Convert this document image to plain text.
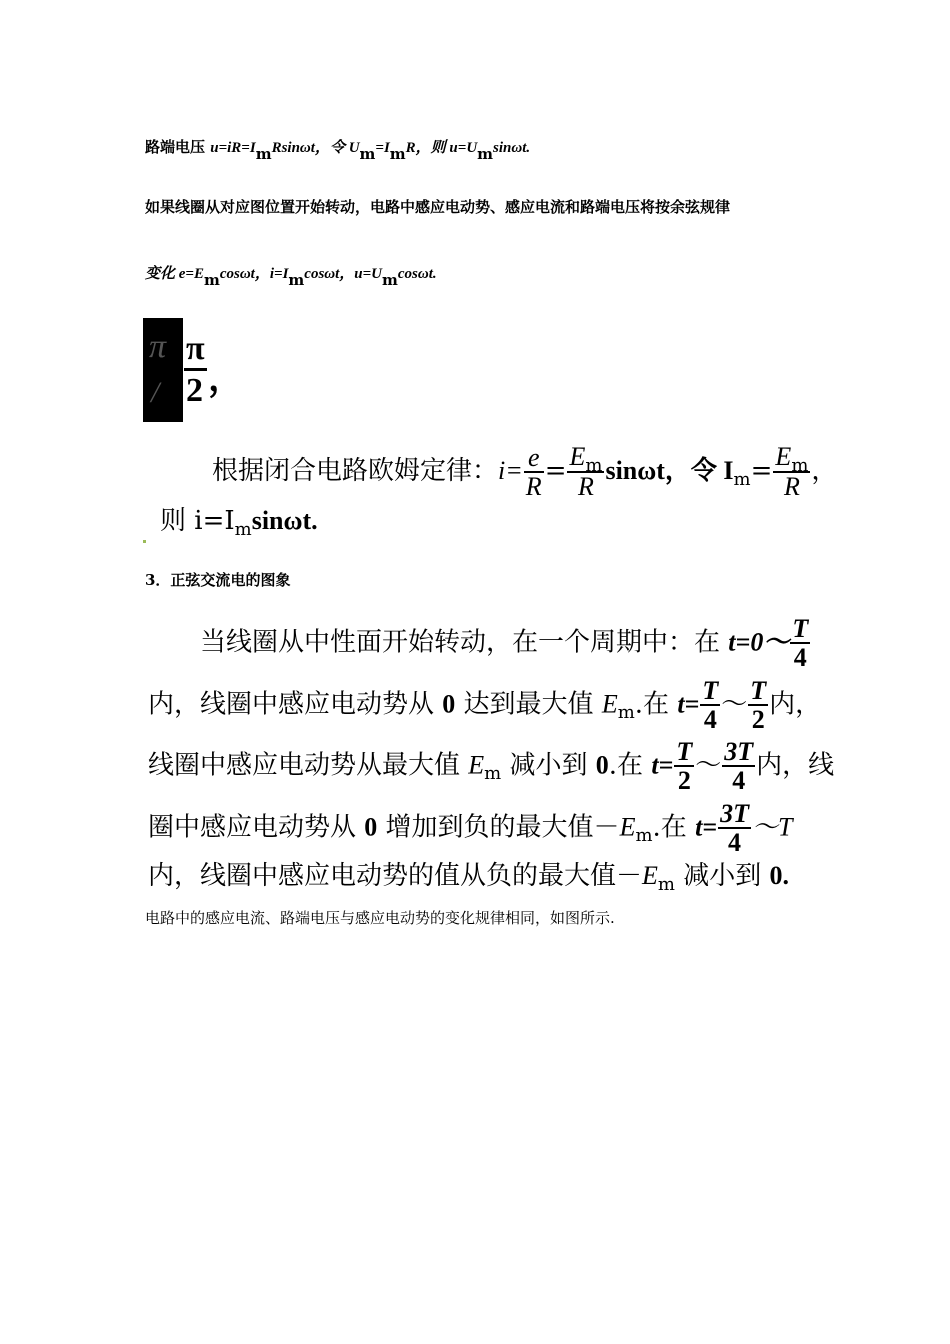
路端电压 u=iR=ImRsinωt，令 Um=ImR，则 u=Umsinωt.
如果线圈从对应图位置开始转动，电路中感应电动势、感应电流和路端电压将按余弦规律
变化 e=Emcosωt，i=Imcosωt，u=Umcosωt.
π
/ $\frac{\pi}{2}$ ，
根据闭合电路欧姆定律：$i= \frac{e}{R} = \frac{E_m}{R}$ sinωt，令 $I_m= \frac{E_m}{R}$ ，
则 $i=I_m\sin\omega t$.
3．正弦交流电的图象
当线圈从中性面开始转动，在一个周期中：在 t=0～ T
4
内，线圈中感应电动势从 0 达到最大值 $E_m$.在 t= T
4
～ T
2
内，
线圈中感应电动势从最大值 $E_m$ 减小到 0.在 t= T
2
～ 3T
4
内，线
圈中感应电动势从 0 增加到负的最大值$-E_m$.在 t= 3T
4
～T
内，线圈中感应电动势的值从负的最大值$-E_m$ 减小到 0.
电路中的感应电流、路端电压与感应电动势的变化规律相同，如图所示.
